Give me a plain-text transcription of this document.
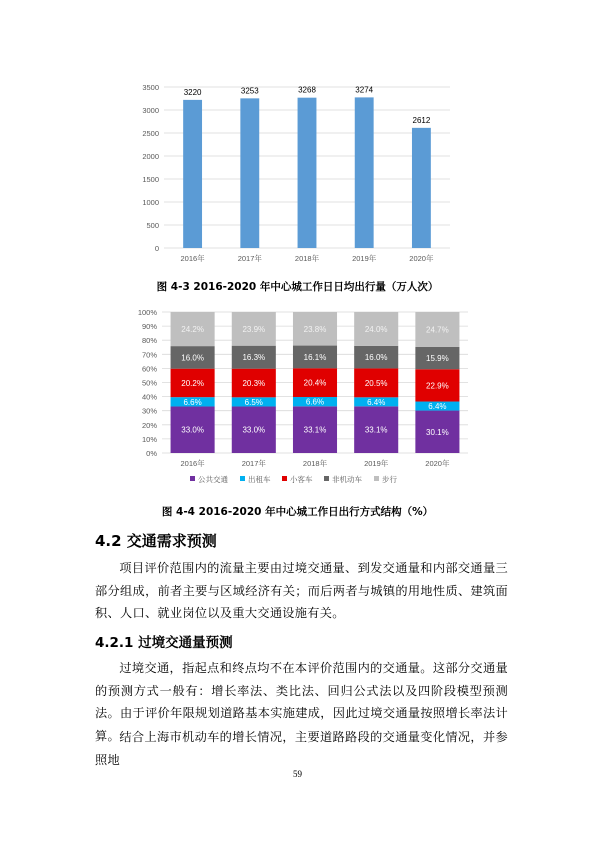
0
500
1000
1500
2000
2500
3000
3500
3220
2016年
3253
2017年
3268
2018年
3274
2019年
2612
2020年
图 4-3 2016-2020 年中心城工作日日均出行量（万人次）
0%
10%
20%
30%
40%
50%
60%
70%
80%
90%
100%
33.0%
6.6%
20.2%
16.0%
24.2%
2016年
33.0%
6.5%
20.3%
16.3%
23.9%
2017年
33.1%
6.6%
20.4%
16.1%
23.8%
2018年
33.1%
6.4%
20.5%
16.0%
24.0%
2019年
30.1%
6.4%
22.9%
15.9%
24.7%
2020年
公共交通	出租车	小客车	非机动车	步行
图 4-4 2016-2020 年中心城工作日出行方式结构（%）
4.2 交通需求预测
项目评价范围内的流量主要由过境交通量、到发交通量和内部交通量三部分组成，前者主要与区域经济有关；而后两者与城镇的用地性质、建筑面积、人口、就业岗位以及重大交通设施有关。
4.2.1 过境交通量预测
过境交通，指起点和终点均不在本评价范围内的交通量。这部分交通量的预测方式一般有：增长率法、类比法、回归公式法以及四阶段模型预测法。由于评价年限规划道路基本实施建成，因此过境交通量按照增长率法计算。 结合上海市机动车的增长情况，主要道路路段的交通量变化情况，并参照地
59
